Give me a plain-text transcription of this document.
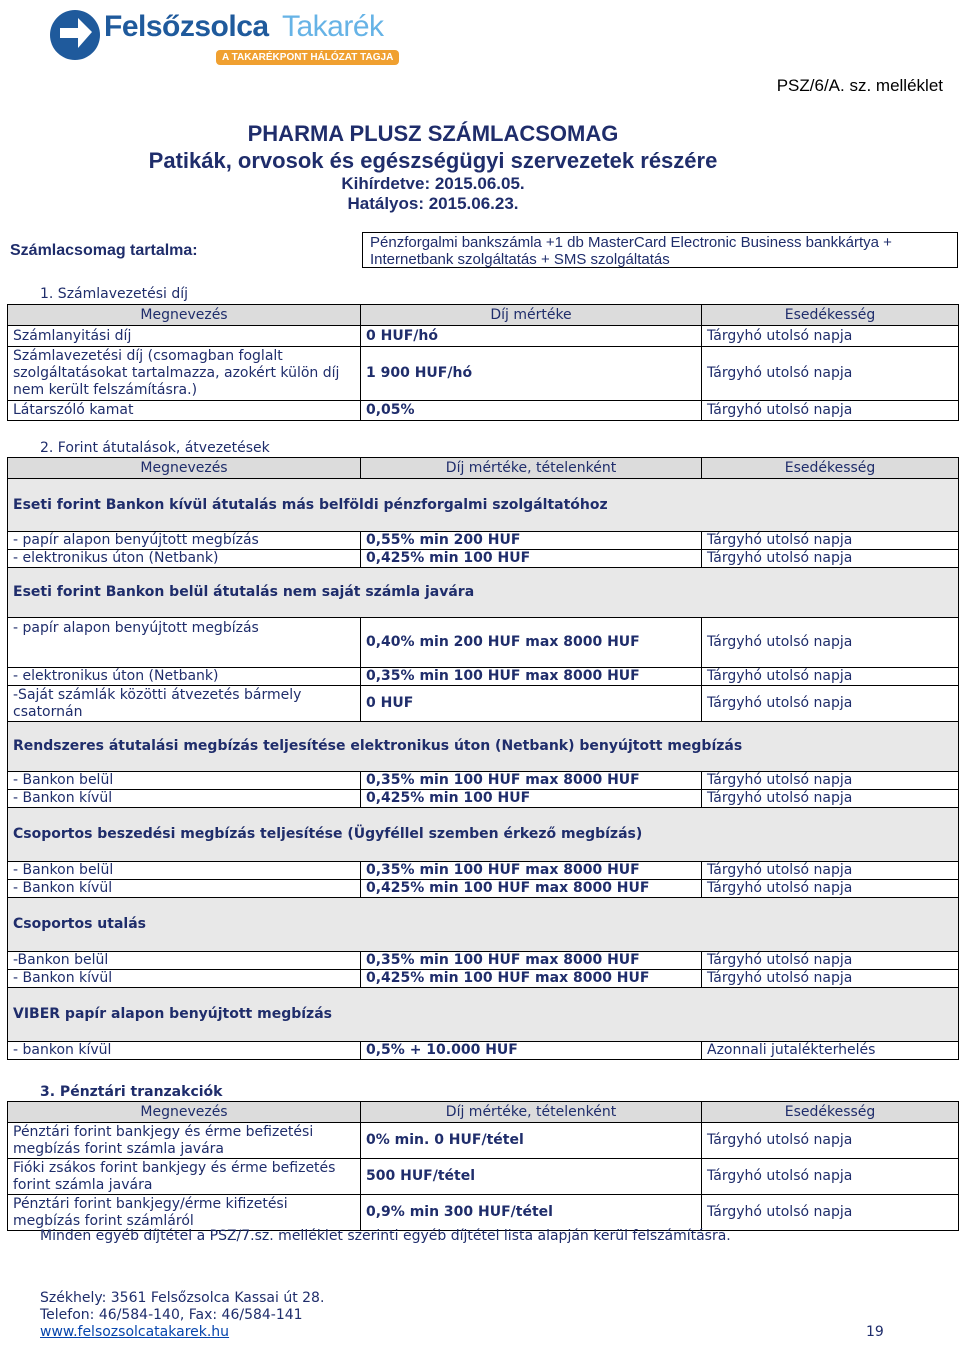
Felsőzsolca Takarék
A TAKARÉKPONT HÁLÓZAT TAGJA
PSZ/6/A. sz. melléklet
PHARMA PLUSZ SZÁMLACSOMAG
Patikák, orvosok és egészségügyi szervezetek részére
Kihírdetve: 2015.06.05.
Hatályos: 2015.06.23.
Számlacsomag tartalma:	Pénzforgalmi bankszámla +1 db MasterCard Electronic Business bankkártya +
Internetbank szolgáltatás + SMS szolgáltatás
1. Számlavezetési díj
Megnevezés	Díj mértéke	Esedékesség
Számlanyitási díj	0 HUF/hó	Tárgyhó utolsó napja
Számlavezetési díj (csomagban foglalt szolgáltatásokat tartalmazza, azokért külön díj nem került felszámításra.)	1 900 HUF/hó	Tárgyhó utolsó napja
Látarszóló kamat	0,05%	Tárgyhó utolsó napja
2. Forint átutalások, átvezetések
Megnevezés	Díj mértéke, tételenként	Esedékesség
Eseti forint Bankon kívül átutalás más belföldi pénzforgalmi szolgáltatóhoz		
- papír alapon benyújtott megbízás	0,55% min 200 HUF	Tárgyhó utolsó napja
- elektronikus úton (Netbank)	0,425% min 100 HUF	Tárgyhó utolsó napja
Eseti forint Bankon belül átutalás nem saját számla javára		
- papír alapon benyújtott megbízás	0,40% min 200 HUF max 8000 HUF	Tárgyhó utolsó napja
- elektronikus úton (Netbank)	0,35% min 100 HUF max 8000 HUF	Tárgyhó utolsó napja
-Saját számlák közötti átvezetés bármely csatornán	0 HUF	Tárgyhó utolsó napja
Rendszeres átutalási megbízás teljesítése elektronikus úton (Netbank) benyújtott megbízás		
- Bankon belül	0,35% min 100 HUF max 8000 HUF	Tárgyhó utolsó napja
- Bankon kívül	0,425% min 100 HUF	Tárgyhó utolsó napja
Csoportos beszedési megbízás teljesítése (Ügyféllel szemben érkező megbízás)		
- Bankon belül	0,35% min 100 HUF max 8000 HUF	Tárgyhó utolsó napja
- Bankon kívül	0,425% min 100 HUF max 8000 HUF	Tárgyhó utolsó napja
Csoportos utalás		
-Bankon belül	0,35% min 100 HUF max 8000 HUF	Tárgyhó utolsó napja
- Bankon kívül	0,425% min 100 HUF max 8000 HUF	Tárgyhó utolsó napja
VIBER papír alapon benyújtott megbízás		
- bankon kívül	0,5% + 10.000 HUF	Azonnali jutalékterhelés
3. Pénztári tranzakciók
Megnevezés	Díj mértéke, tételenként	Esedékesség
Pénztári forint bankjegy és érme befizetési megbízás forint számla javára	0% min. 0 HUF/tétel	Tárgyhó utolsó napja
Fióki zsákos forint bankjegy és érme befizetés forint számla javára	500 HUF/tétel	Tárgyhó utolsó napja
Pénztári forint bankjegy/érme kifizetési megbízás forint számláról	0,9% min 300 HUF/tétel	Tárgyhó utolsó napja
Minden egyéb díjtétel a PSZ/7.sz. melléklet szerinti egyéb díjtétel lista alapján kerül felszámításra.
Székhely: 3561 Felsőzsolca Kassai út 28.
Telefon: 46/584-140, Fax: 46/584-141
www.felsozsolcatakarek.hu	19
